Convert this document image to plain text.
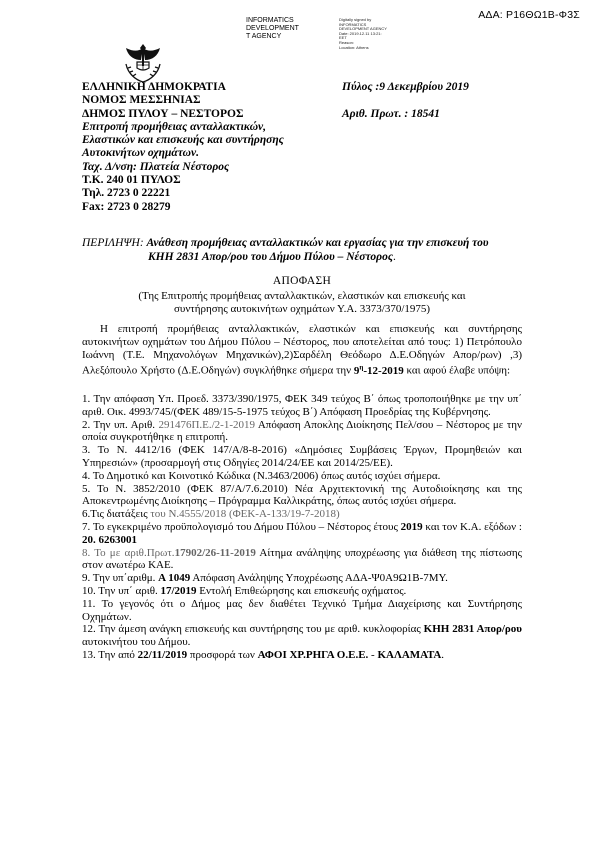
ΑΔΑ: Ρ16ΘΩ1Β-Φ3Σ
INFORMATICS
DEVELOPMENT
T AGENCY
Digitally signed by
INFORMATICS
DEVELOPMENT AGENCY
Date: 2019.12.11 13:21:
EET
Reason:
Location: Athens
ΕΛΛΗΝΙΚΗ ΔΗΜΟΚΡΑΤΙΑ
ΝΟΜΟΣ ΜΕΣΣΗΝΙΑΣ
ΔΗΜΟΣ ΠΥΛΟΥ – ΝΕΣΤΟΡΟΣ
Επιτροπή προμήθειας ανταλλακτικών,
Ελαστικών και επισκευής και συντήρησης
Αυτοκινήτων οχημάτων.
Ταχ. Δ/νση: Πλατεία Νέστορος
Τ.Κ. 240 01 ΠΥΛΟΣ
Τηλ. 2723 0 22221
Fax: 2723 0 28279
Πύλος :9 Δεκεμβρίου 2019
Αριθ. Πρωτ. : 18541
ΠΕΡΙΛΗΨΗ: Ανάθεση προμήθειας ανταλλακτικών και εργασίας για την επισκευή του
ΚΗΗ 2831 Απορ/ρου του Δήμου Πύλου – Νέστορος.
ΑΠΟΦΑΣΗ
(Της Επιτροπής προμήθειας ανταλλακτικών, ελαστικών και επισκευής και
συντήρησης αυτοκινήτων οχημάτων Υ.Α. 3373/370/1975)

Η επιτροπή προμήθειας ανταλλακτικών, ελαστικών και επισκευής και συντήρησης αυτοκινήτων οχημάτων του Δήμου Πύλου – Νέστορος, που αποτελείται από τους: 1) Πετρόπουλο Ιωάννη (Τ.Ε. Μηχανολόγων Μηχανικών),2)Σαρδέλη Θεόδωρο Δ.Ε.Οδηγών Απορ/ρων) ,3) Αλεξόπουλο Χρήστο (Δ.Ε.Οδηγών) συγκλήθηκε σήμερα την $9^\eta-12-2019$ και αφού έλαβε υπόψη:

1. Την απόφαση Υπ. Προεδ. 3373/390/1975, ΦΕΚ 349 τεύχος Β΄ όπως τροποποιήθηκε με την υπ΄ αριθ. Οικ. 4993/745/(ΦΕΚ 489/15-5-1975 τεύχος Β΄) Απόφαση Προεδρίας της Κυβέρνησης.

2. Την υπ. Αριθ. 291476Π.Ε./2-1-2019 Απόφαση Αποκλης Διοίκησης Πελ/σου – Νέστορος με την οποία συγκροτήθηκε η επιτροπή.

3. Το Ν. 4412/16 (ΦΕΚ 147/Α/8-8-2016) «Δημόσιες Συμβάσεις Έργων, Προμηθειών και Υπηρεσιών» (προσαρμογή στις Οδηγίες 2014/24/ΕΕ και 2014/25/ΕΕ).

4. Το Δημοτικό και Κοινοτικό Κώδικα (Ν.3463/2006) όπως αυτός ισχύει σήμερα.

5. Το Ν. 3852/2010 (ΦΕΚ 87/Α/7.6.2010) Νέα Αρχιτεκτονική της Αυτοδιοίκησης και της Αποκεντρωμένης Διοίκησης – Πρόγραμμα Καλλικράτης, όπως αυτός ισχύει σήμερα.

6.Τις διατάξεις του Ν.4555/2018 (ΦΕΚ-Α-133/19-7-2018)

7. Το εγκεκριμένο προϋπολογισμό του Δήμου Πύλου – Νέστορος έτους 2019 και τον Κ.Α. εξόδων : 20. 6263001

8. Το με αριθ.Πρωτ.17902/26-11-2019 Αίτημα ανάληψης υποχρέωσης για διάθεση της πίστωσης στον ανωτέρω ΚΑΕ.

9. Την υπ΄αριθμ. Α 1049 Απόφαση Ανάληψης Υποχρέωσης ΑΔΑ-Ψ0Α9Ω1Β-7ΜΥ.

10. Την υπ΄ αριθ. 17/2019 Εντολή Επιθεώρησης και επισκευής οχήματος.

11. Το γεγονός ότι ο Δήμος μας δεν διαθέτει Τεχνικό Τμήμα Διαχείρισης και Συντήρησης Οχημάτων.

12. Την άμεση ανάγκη επισκευής και συντήρησης του με αριθ. κυκλοφορίας ΚΗΗ 2831 Απορ/ρου αυτοκινήτου του Δήμου.

13. Την από 22/11/2019 προσφορά των ΑΦΟΙ ΧΡ.ΡΗΓΑ Ο.Ε.Ε. - ΚΑΛΑΜΑΤΑ.
